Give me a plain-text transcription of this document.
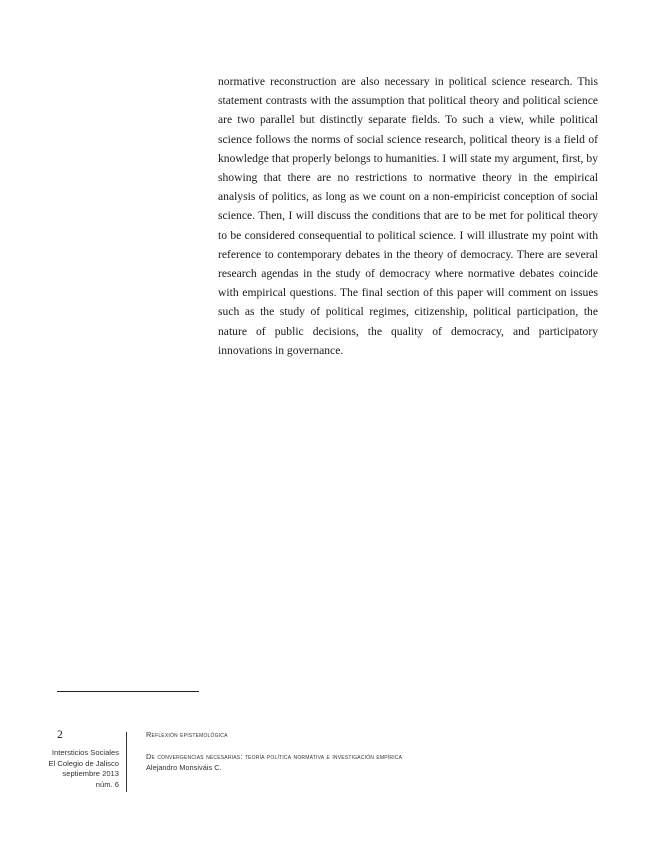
normative reconstruction are also necessary in political science research. This statement contrasts with the assumption that political theory and political science are two parallel but distinctly separate fields. To such a view, while political science follows the norms of social science research, political theory is a field of knowledge that properly belongs to humanities. I will state my argument, first, by showing that there are no restrictions to normative theory in the empirical analysis of politics, as long as we count on a non-empiricist conception of social science. Then, I will discuss the conditions that are to be met for political theory to be considered consequential to political science. I will illustrate my point with reference to contemporary debates in the theory of democracy. There are several research agendas in the study of democracy where normative debates coincide with empirical questions. The final section of this paper will comment on issues such as the study of political regimes, citizenship, political participation, the nature of public decisions, the quality of democracy, and participatory innovations in governance.

2
Intersticios Sociales
El Colegio de Jalisco
septiembre 2013
núm. 6
Reflexión epistemológica
De convergencias necesarias: teoría política normativa e investigación empírica
Alejandro Monsiváis C.
